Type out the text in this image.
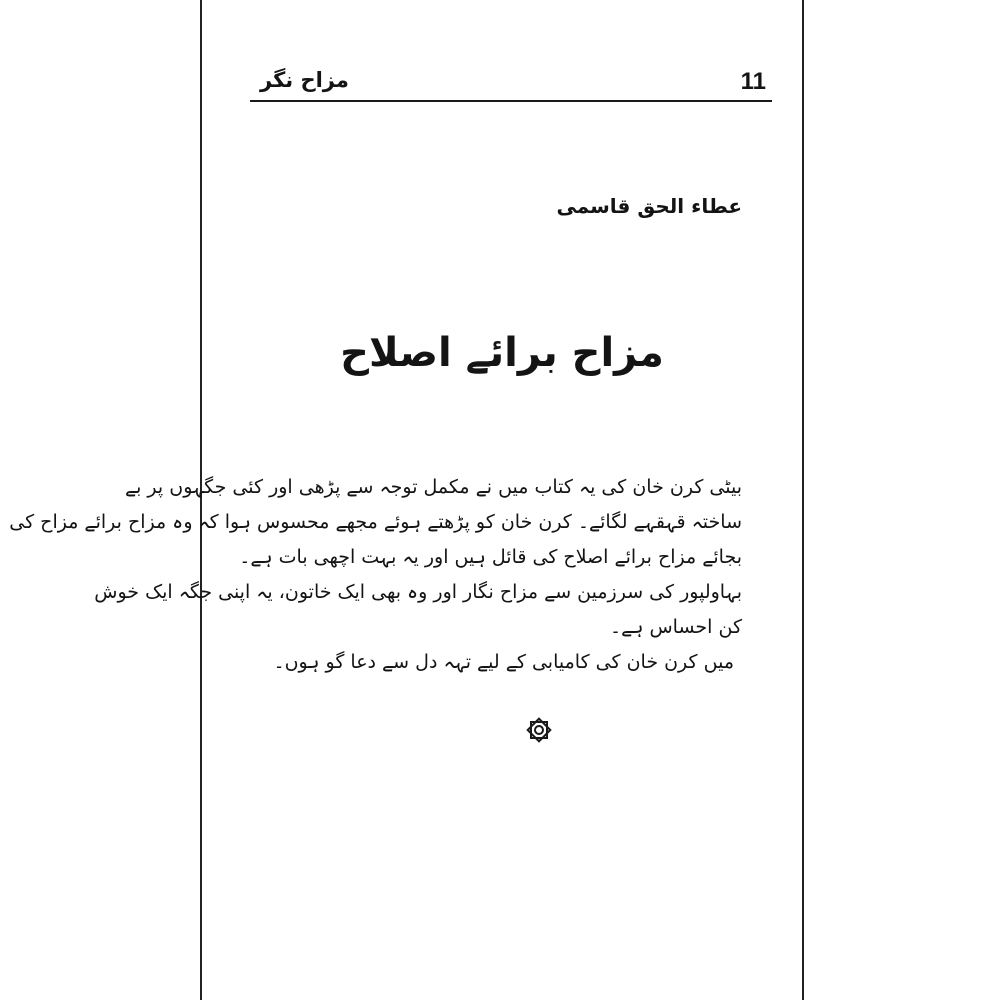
مزاح نگر	11
عطاء الحق قاسمی
مزاح برائے اصلاح
بیٹی کرن خان کی یہ کتاب میں نے مکمل توجہ سے پڑھی اور کئی جگہوں پر بے
ساختہ قہقہے لگائے۔ کرن خان کو پڑھتے ہوئے مجھے محسوس ہوا کہ وہ مزاح برائے مزاح کی
بجائے مزاح برائے اصلاح کی قائل ہیں اور یہ بہت اچھی بات ہے۔
بہاولپور کی سرزمین سے مزاح نگار اور وہ بھی ایک خاتون، یہ اپنی جگہ ایک خوش
کن احساس ہے۔
میں کرن خان کی کامیابی کے لیے تہہ دل سے دعا گو ہوں۔
